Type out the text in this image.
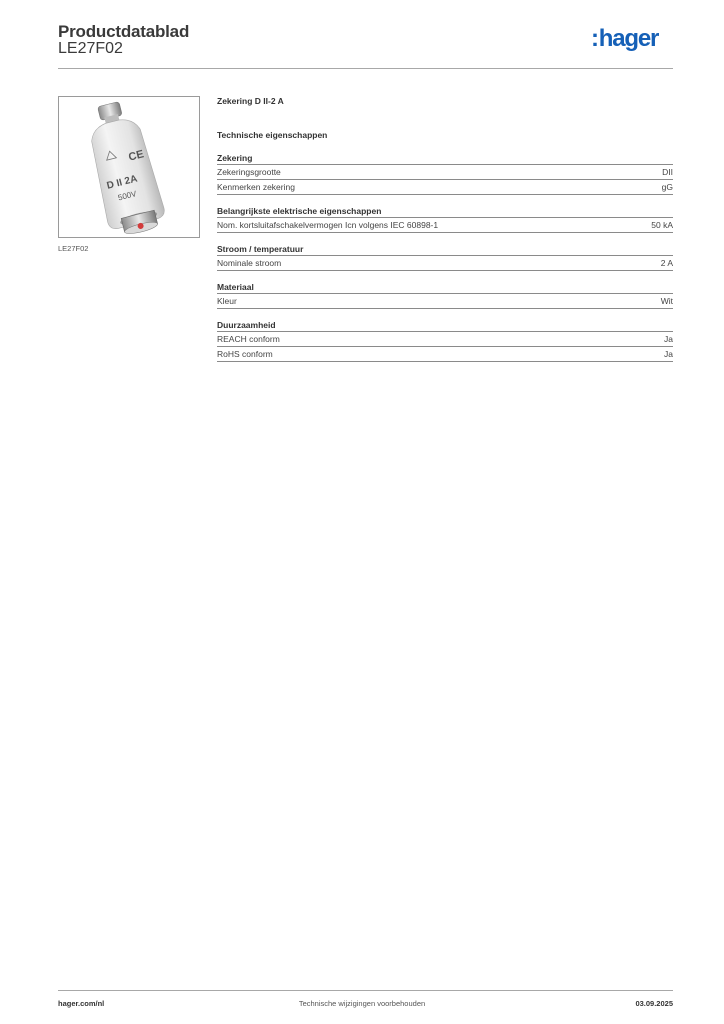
Productdatablad
LE27F02	:hager
CE
D II 2A
500V
LE27F02
Zekering D II-2 A
Technische eigenschappen
Zekering
Zekeringsgrootte	DII
Kenmerken zekering	gG
Belangrijkste elektrische eigenschappen
Nom. kortsluitafschakelvermogen Icn volgens IEC 60898-1	50 kA
Stroom / temperatuur
Nominale stroom	2 A
Materiaal
Kleur	Wit
Duurzaamheid
REACH conform	Ja
RoHS conform	Ja
hager.com/nl	Technische wijzigingen voorbehouden	03.09.2025
